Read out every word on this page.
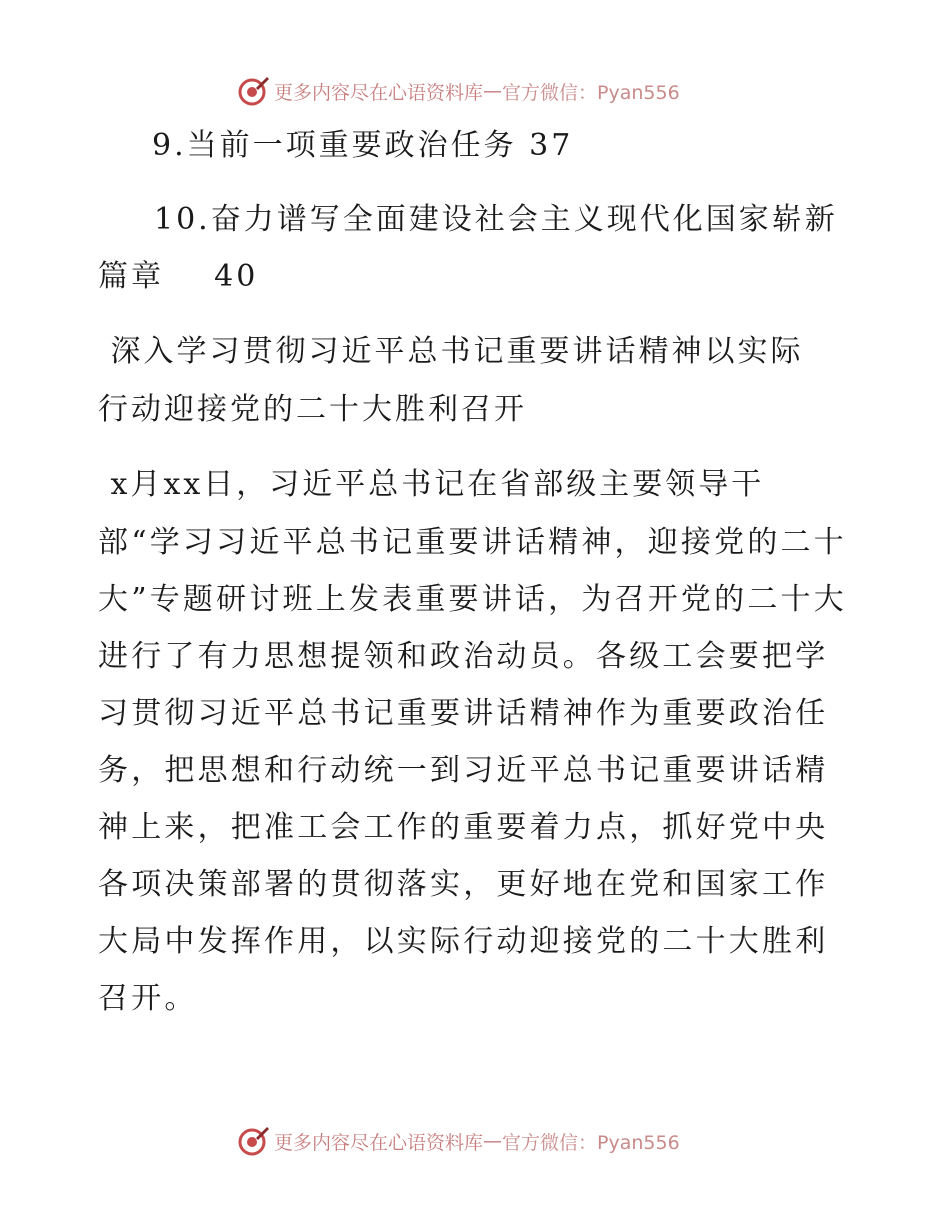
更多内容尽在心语资料库 — 官方微信：Pyan556
9.当前一项重要政治任务 37
10.奋力谱写全面建设社会主义现代化国家崭新
篇章    40
深入学习贯彻习近平总书记重要讲话精神以实际
行动迎接党的二十大胜利召开
x月xx日，习近平总书记在省部级主要领导干
部“学习习近平总书记重要讲话精神，迎接党的二十大”专题研讨班上发表重要讲话，为召开党的二十大进行了有力思想提领和政治动员。各级工会要把学习贯彻习近平总书记重要讲话精神作为重要政治任务，把思想和行动统一到习近平总书记重要讲话精神上来，把准工会工作的重要着力点，抓好党中央各项决策部署的贯彻落实，更好地在党和国家工作大局中发挥作用，以实际行动迎接党的二十大胜利召开。
更多内容尽在心语资料库 — 官方微信：Pyan556
